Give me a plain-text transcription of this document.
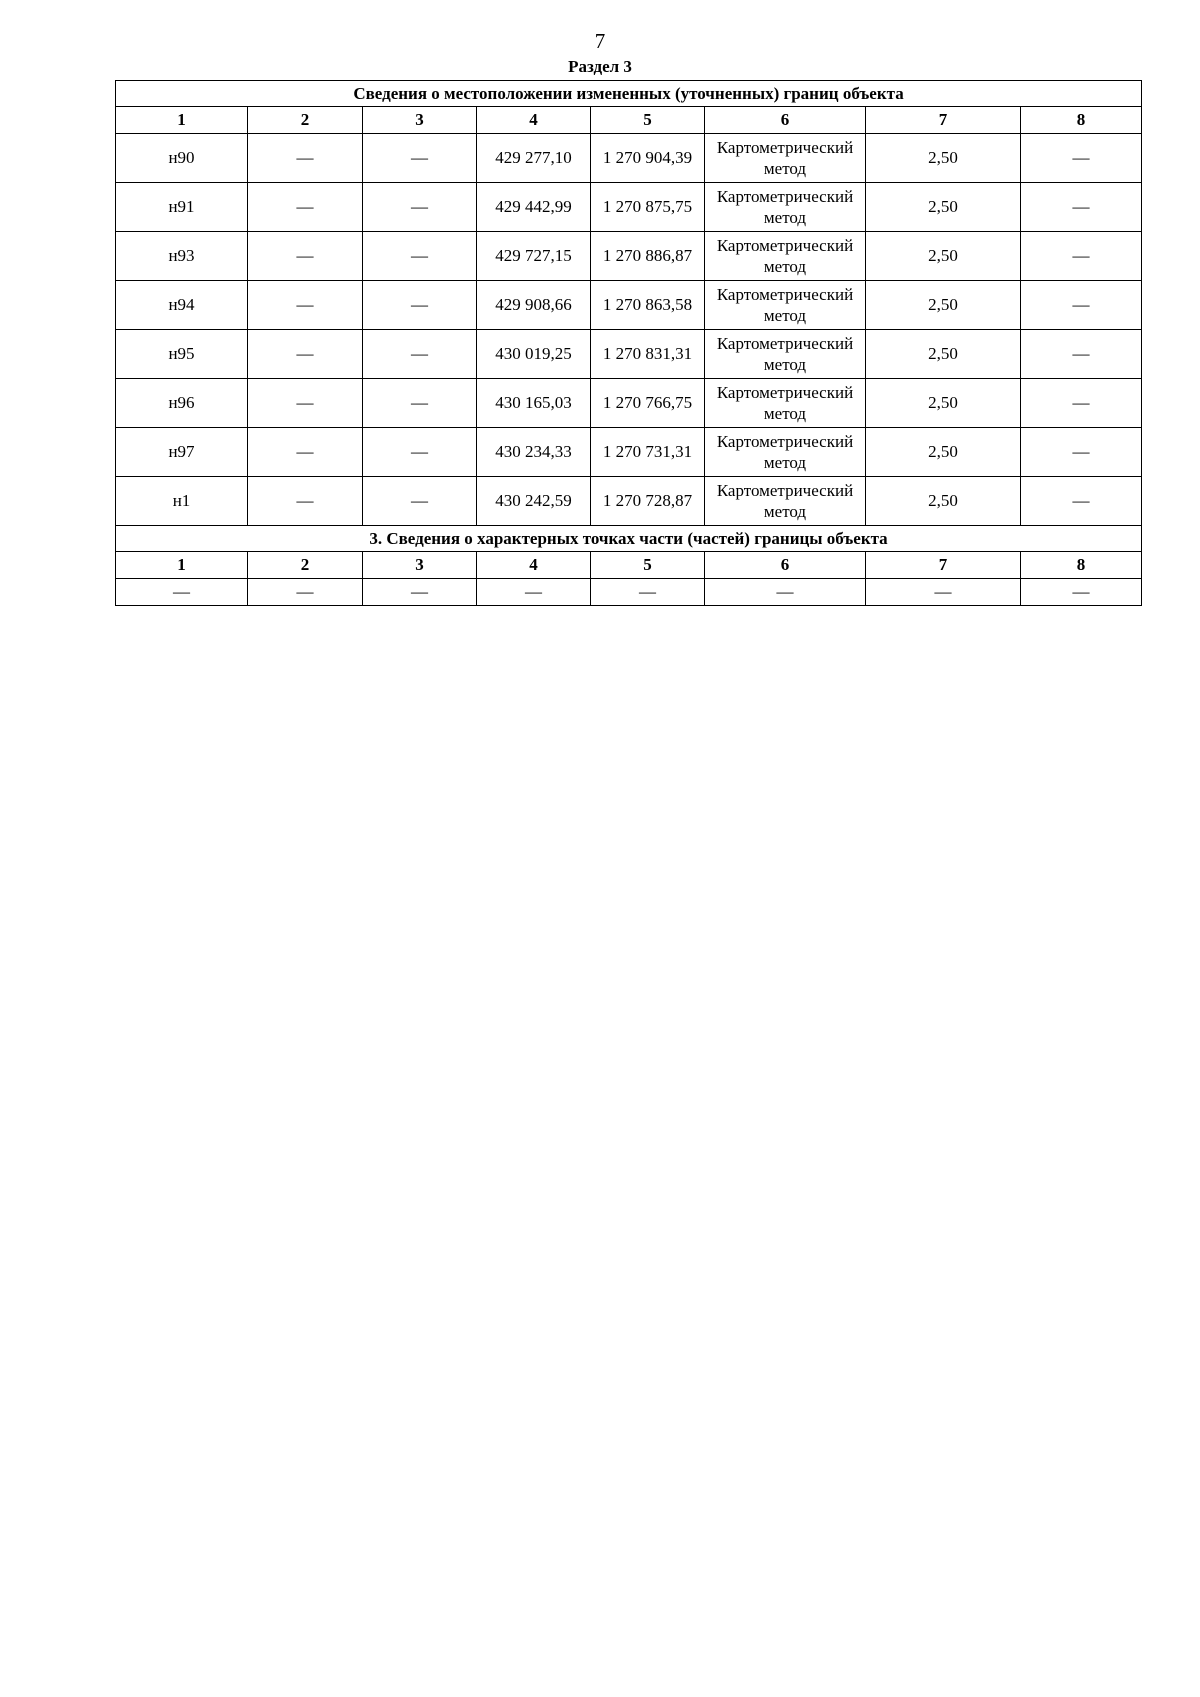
7
Раздел 3
Сведения о местоположении измененных (уточненных) границ объекта							
1	2	3	4	5	6	7	8
н90	—	—	429 277,10	1 270 904,39	Картометрический метод	2,50	—
н91	—	—	429 442,99	1 270 875,75	Картометрический метод	2,50	—
н93	—	—	429 727,15	1 270 886,87	Картометрический метод	2,50	—
н94	—	—	429 908,66	1 270 863,58	Картометрический метод	2,50	—
н95	—	—	430 019,25	1 270 831,31	Картометрический метод	2,50	—
н96	—	—	430 165,03	1 270 766,75	Картометрический метод	2,50	—
н97	—	—	430 234,33	1 270 731,31	Картометрический метод	2,50	—
н1	—	—	430 242,59	1 270 728,87	Картометрический метод	2,50	—
3. Сведения о характерных точках части (частей) границы объекта							
1	2	3	4	5	6	7	8
—	—	—	—	—	—	—	—
